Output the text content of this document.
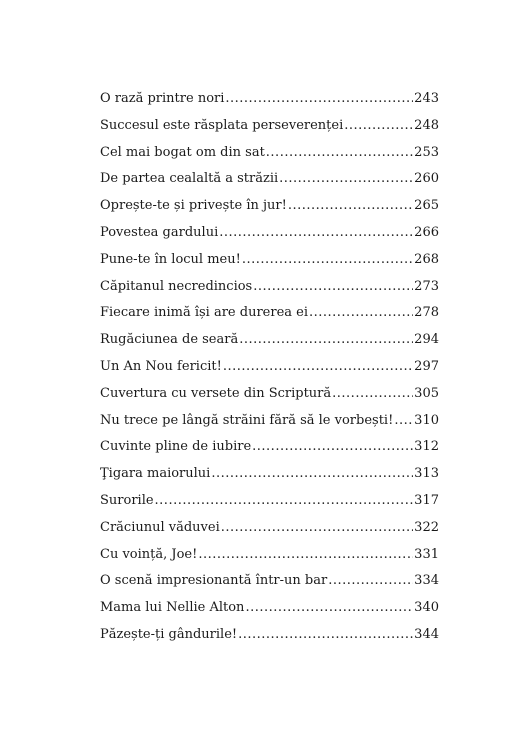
O rază printre nori .....	243
Succesul este răsplata perseverenței .....	248
Cel mai bogat om din sat .....	253
De partea cealaltă a străzii .....	260
Oprește-te și privește în jur! .....	265
Povestea gardului .....	266
Pune-te în locul meu! .....	268
Căpitanul necredincios .....	273
Fiecare inimă își are durerea ei .....	278
Rugăciunea de seară .....	294
Un An Nou fericit! .....	297
Cuvertura cu versete din Scriptură .....	305
Nu trece pe lângă străini fără să le vorbești! ..... 310
Cuvinte pline de iubire .....	312
Ţigara maiorului .....	313
Surorile .....	317
Crăciunul văduvei .....	322
Cu voință, Joe! .....	331
O scenă impresionantă într-un bar .....	334
Mama lui Nellie Alton .....	340
Păzește-ți gândurile! .....	344
